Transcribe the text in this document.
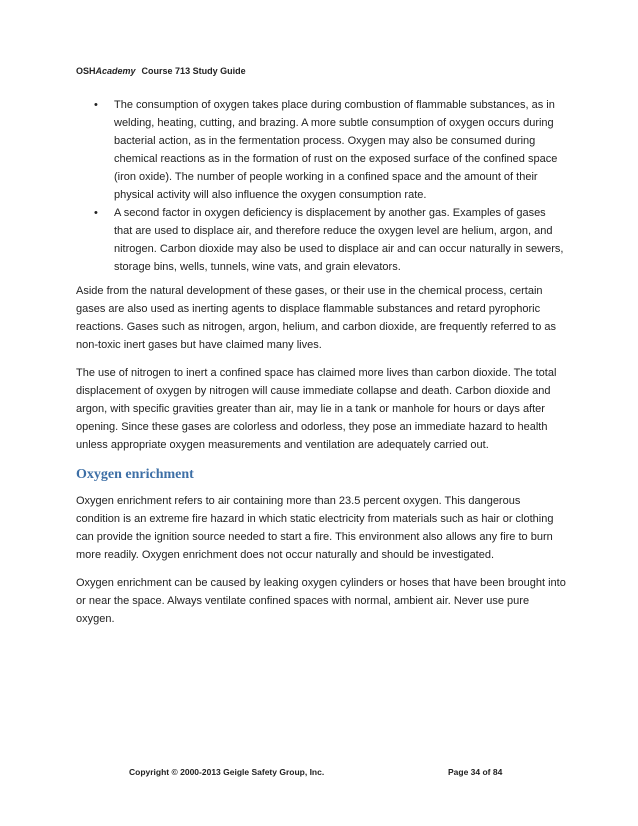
OSHAcademy Course 713 Study Guide
• The consumption of oxygen takes place during combustion of flammable substances, as in welding, heating, cutting, and brazing. A more subtle consumption of oxygen occurs during bacterial action, as in the fermentation process. Oxygen may also be consumed during chemical reactions as in the formation of rust on the exposed surface of the confined space (iron oxide). The number of people working in a confined space and the amount of their physical activity will also influence the oxygen consumption rate.
• A second factor in oxygen deficiency is displacement by another gas. Examples of gases that are used to displace air, and therefore reduce the oxygen level are helium, argon, and nitrogen. Carbon dioxide may also be used to displace air and can occur naturally in sewers, storage bins, wells, tunnels, wine vats, and grain elevators.

Aside from the natural development of these gases, or their use in the chemical process, certain gases are also used as inerting agents to displace flammable substances and retard pyrophoric reactions. Gases such as nitrogen, argon, helium, and carbon dioxide, are frequently referred to as non-toxic inert gases but have claimed many lives.

The use of nitrogen to inert a confined space has claimed more lives than carbon dioxide. The total displacement of oxygen by nitrogen will cause immediate collapse and death. Carbon dioxide and argon, with specific gravities greater than air, may lie in a tank or manhole for hours or days after opening. Since these gases are colorless and odorless, they pose an immediate hazard to health unless appropriate oxygen measurements and ventilation are adequately carried out.

Oxygen enrichment

Oxygen enrichment refers to air containing more than 23.5 percent oxygen. This dangerous condition is an extreme fire hazard in which static electricity from materials such as hair or clothing can provide the ignition source needed to start a fire. This environment also allows any fire to burn more readily. Oxygen enrichment does not occur naturally and should be investigated.

Oxygen enrichment can be caused by leaking oxygen cylinders or hoses that have been brought into or near the space. Always ventilate confined spaces with normal, ambient air. Never use pure oxygen.

Copyright © 2000-2013 Geigle Safety Group, Inc.	Page 34 of 84
